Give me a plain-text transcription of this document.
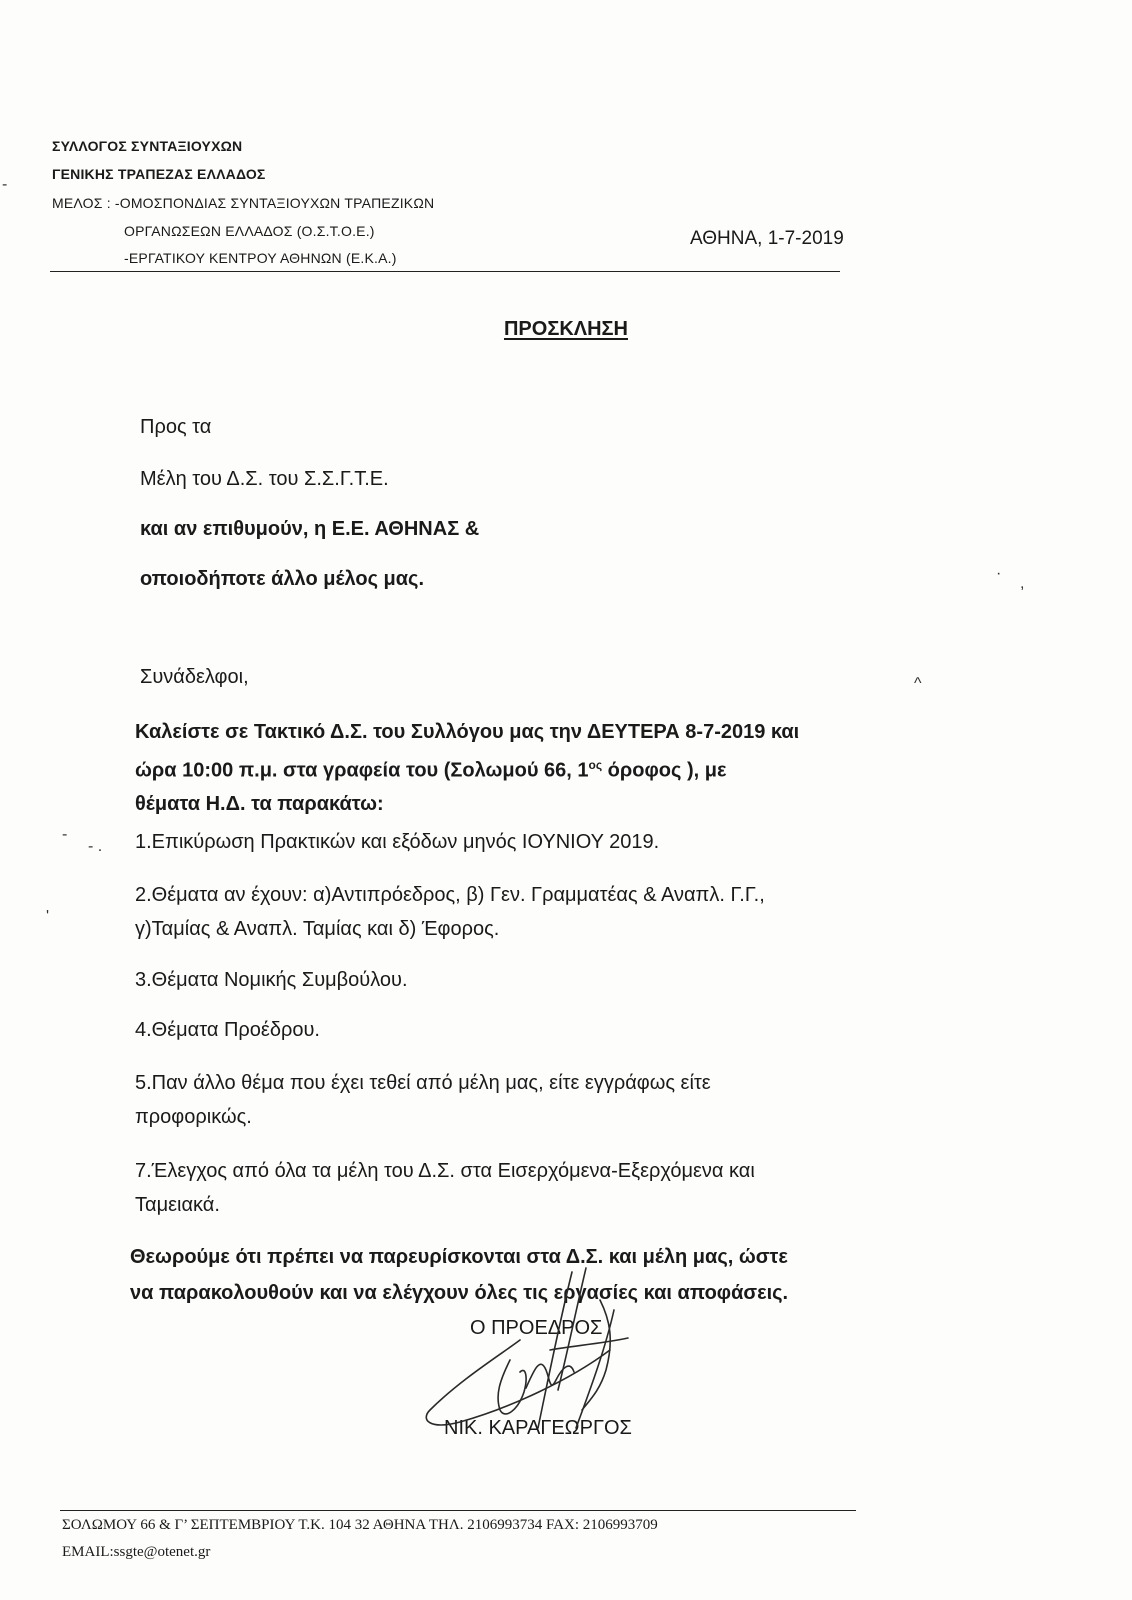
ΣΥΛΛΟΓΟΣ ΣΥΝΤΑΞΙΟΥΧΩΝ
ΓΕΝΙΚΗΣ ΤΡΑΠΕΖΑΣ ΕΛΛΑΔΟΣ
ΜΕΛΟΣ : -ΟΜΟΣΠΟΝΔΙΑΣ ΣΥΝΤΑΞΙΟΥΧΩΝ ΤΡΑΠΕΖΙΚΩΝ
ΟΡΓΑΝΩΣΕΩΝ ΕΛΛΑΔΟΣ (Ο.Σ.Τ.Ο.Ε.)
-ΕΡΓΑΤΙΚΟΥ ΚΕΝΤΡΟΥ ΑΘΗΝΩΝ (Ε.Κ.Α.)
ΑΘΗΝΑ, 1-7-2019
ΠΡΟΣΚΛΗΣΗ
Προς τα
Μέλη του Δ.Σ. του Σ.Σ.Γ.Τ.Ε.
και αν επιθυμούν, η Ε.Ε. ΑΘΗΝΑΣ &
οποιοδήποτε άλλο μέλος μας.
Συνάδελφοι,
Καλείστε σε Τακτικό Δ.Σ. του Συλλόγου μας την ΔΕΥΤΕΡΑ 8-7-2019 και
ώρα 10:00 π.μ. στα γραφεία του (Σολωμού 66, $1^{o\varsigma}$ όροφος ), με
θέματα Η.Δ. τα παρακάτω:
1.Επικύρωση Πρακτικών και εξόδων μηνός ΙΟΥΝΙΟΥ 2019.
2.Θέματα αν έχουν: α)Αντιπρόεδρος, β) Γεν. Γραμματέας & Αναπλ. Γ.Γ.,
γ)Ταμίας & Αναπλ. Ταμίας και δ) Έφορος.
3.Θέματα Νομικής Συμβούλου.
4.Θέματα Προέδρου.
5.Παν άλλο θέμα που έχει τεθεί από μέλη μας, είτε εγγράφως είτε
προφορικώς.
7.Έλεγχος από όλα τα μέλη του Δ.Σ. στα Εισερχόμενα-Εξερχόμενα και
Ταμειακά.
Θεωρούμε ότι πρέπει να παρευρίσκονται στα Δ.Σ. και μέλη μας, ώστε
να παρακολουθούν και να ελέγχουν όλες τις εργασίες και αποφάσεις.
Ο ΠΡΟΕΔΡΟΣ
ΝΙΚ. ΚΑΡΑΓΕΩΡΓΟΣ
ΣΟΛΩΜΟΥ 66 & Γ’ ΣΕΠΤΕΜΒΡΙΟΥ Τ.Κ. 104 32 ΑΘΗΝΑ ΤΗΛ. 2106993734 FAX: 2106993709
EMAIL:ssgte@otenet.gr
-
·
,
^
-
- .
'
